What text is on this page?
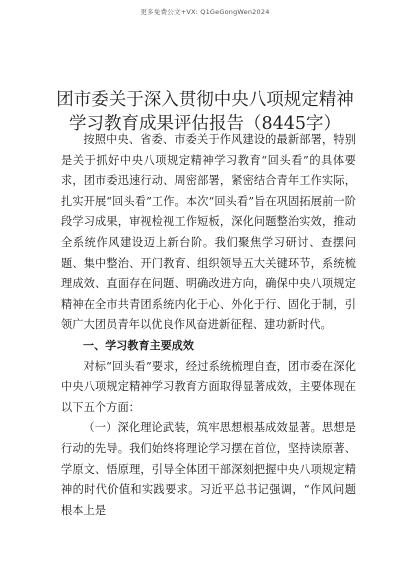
更多免费公文+VX: Q1GeGongWen2024
团市委关于深入贯彻中央八项规定精神学习教育成果评估报告（8445字）

按照中央、省委、市委关于作风建设的最新部署，特别是关于抓好中央八项规定精神学习教育“回头看”的具体要求，团市委迅速行动、周密部署，紧密结合青年工作实际，扎实开展“回头看”工作。本次“回头看”旨在巩固拓展前一阶段学习成果，审视检视工作短板，深化问题整治实效，推动全系统作风建设迈上新台阶。我们聚焦学习研讨、查摆问题、集中整治、开门教育、组织领导五大关键环节，系统梳理成效、直面存在问题、明确改进方向，确保中央八项规定精神在全市共青团系统内化于心、外化于行、固化于制，引领广大团员青年以优良作风奋进新征程、建功新时代。

一、学习教育主要成效

对标“回头看”要求，经过系统梳理自查，团市委在深化中央八项规定精神学习教育方面取得显著成效，主要体现在以下五个方面：

（一）深化理论武装，筑牢思想根基成效显著。思想是行动的先导。我们始终将理论学习摆在首位，坚持读原著、学原文、悟原理，引导全体团干部深刻把握中央八项规定精神的时代价值和实践要求。习近平总书记强调，“作风问题根本上是
